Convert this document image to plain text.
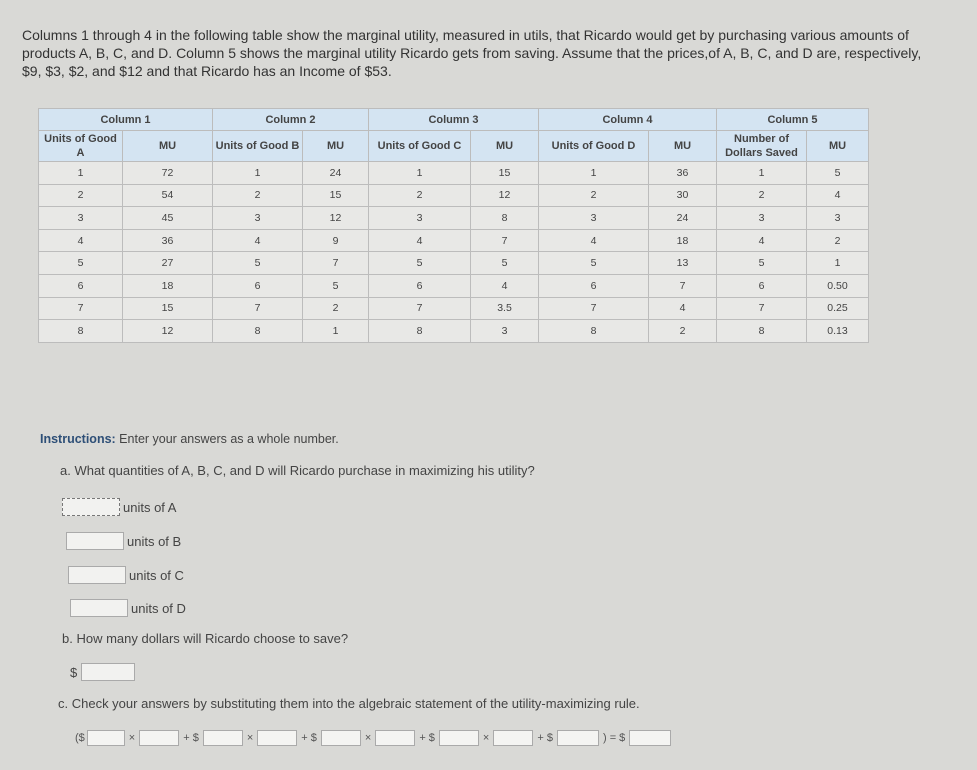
Columns 1 through 4 in the following table show the marginal utility, measured in utils, that Ricardo would get by purchasing various amounts of products A, B, C, and D. Column 5 shows the marginal utility Ricardo gets from saving. Assume that the prices,of A, B, C, and D are, respectively, $9, $3, $2, and $12 and that Ricardo has an Income of $53.
Column 1		Column 2		Column 3		Column 4		Column 5	
Units of Good A	MU	Units of Good B	MU	Units of Good C	MU	Units of Good D	MU	Number of Dollars Saved	MU
1	72	1	24	1	15	1	36	1	5
2	54	2	15	2	12	2	30	2	4
3	45	3	12	3	8	3	24	3	3
4	36	4	9	4	7	4	18	4	2
5	27	5	7	5	5	5	13	5	1
6	18	6	5	6	4	6	7	6	0.50
7	15	7	2	7	3.5	7	4	7	0.25
8	12	8	1	8	3	8	2	8	0.13
Instructions: Enter your answers as a whole number.
a. What quantities of A, B, C, and D will Ricardo purchase in maximizing his utility?
units of A
units of B
units of C
units of D
b. How many dollars will Ricardo choose to save?
$
c. Check your answers by substituting them into the algebraic statement of the utility-maximizing rule.
($	×	+ $	×	+ $	×	+ $	×	+ $	) = $
